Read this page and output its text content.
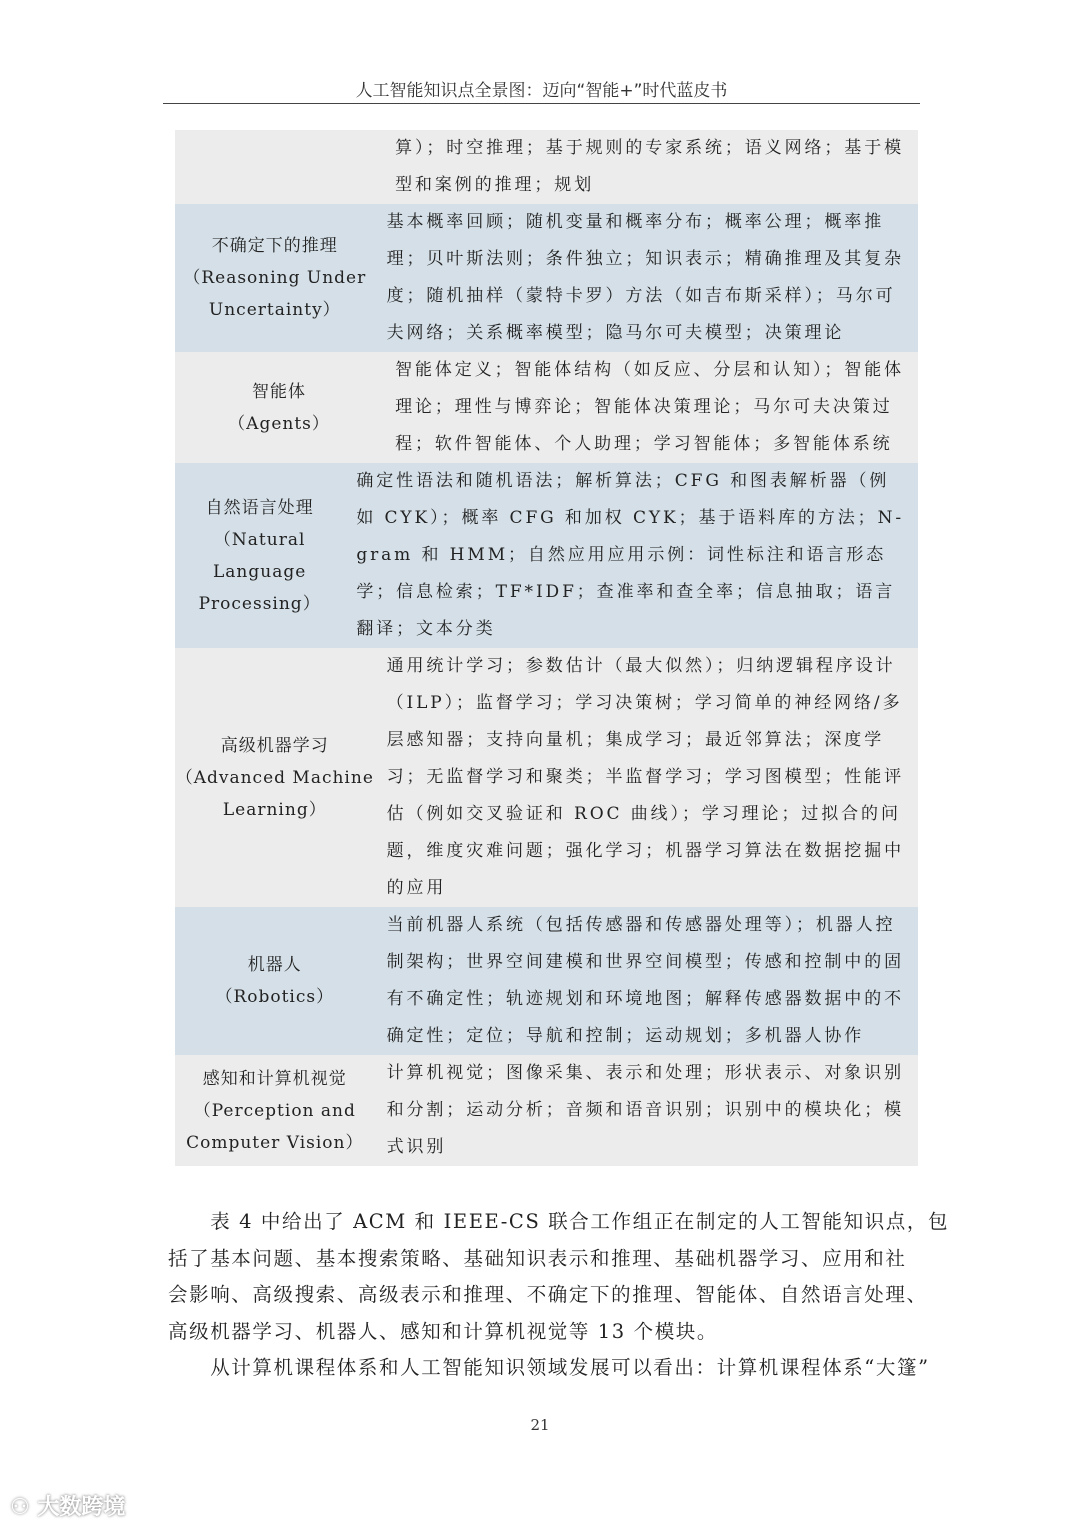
人工智能知识点全景图：迈向“智能+”时代蓝皮书
算）；时空推理；基于规则的专家系统；语义网络；基于模
型和案例的推理；规划
不确定下的推理
（Reasoning Under
Uncertainty）
基本概率回顾；随机变量和概率分布；概率公理；概率推
理；贝叶斯法则；条件独立；知识表示；精确推理及其复杂
度；随机抽样（蒙特卡罗）方法（如吉布斯采样）；马尔可
夫网络；关系概率模型；隐马尔可夫模型；决策理论
智能体
（Agents）
智能体定义；智能体结构（如反应、分层和认知）；智能体
理论；理性与博弈论；智能体决策理论；马尔可夫决策过
程；软件智能体、个人助理；学习智能体；多智能体系统
自然语言处理
（Natural Language
Processing）
确定性语法和随机语法；解析算法；CFG 和图表解析器（例
如 CYK）；概率 CFG 和加权 CYK；基于语料库的方法；N-
gram 和 HMM；自然应用应用示例：词性标注和语言形态
学；信息检索；TF*IDF；查准率和查全率；信息抽取；语言
翻译；文本分类
高级机器学习
（Advanced Machine
Learning）
通用统计学习；参数估计（最大似然）；归纳逻辑程序设计
（ILP）；监督学习；学习决策树；学习简单的神经网络/多
层感知器；支持向量机；集成学习；最近邻算法；深度学
习；无监督学习和聚类；半监督学习；学习图模型；性能评
估（例如交叉验证和 ROC 曲线）；学习理论；过拟合的问
题，维度灾难问题；强化学习；机器学习算法在数据挖掘中
的应用
机器人
（Robotics）
当前机器人系统（包括传感器和传感器处理等）；机器人控
制架构；世界空间建模和世界空间模型；传感和控制中的固
有不确定性；轨迹规划和环境地图；解释传感器数据中的不
确定性；定位；导航和控制；运动规划；多机器人协作
感知和计算机视觉
（Perception and
Computer Vision）
计算机视觉；图像采集、表示和处理；形状表示、对象识别
和分割；运动分析；音频和语音识别；识别中的模块化；模
式识别
　　表 4 中给出了 ACM 和 IEEE-CS 联合工作组正在制定的人工智能知识点，包
括了基本问题、基本搜索策略、基础知识表示和推理、基础机器学习、应用和社
会影响、高级搜索、高级表示和推理、不确定下的推理、智能体、自然语言处理、
高级机器学习、机器人、感知和计算机视觉等 13 个模块。
　　从计算机课程体系和人工智能知识领域发展可以看出：计算机课程体系“大篷”
21
⚇ 大数跨境
